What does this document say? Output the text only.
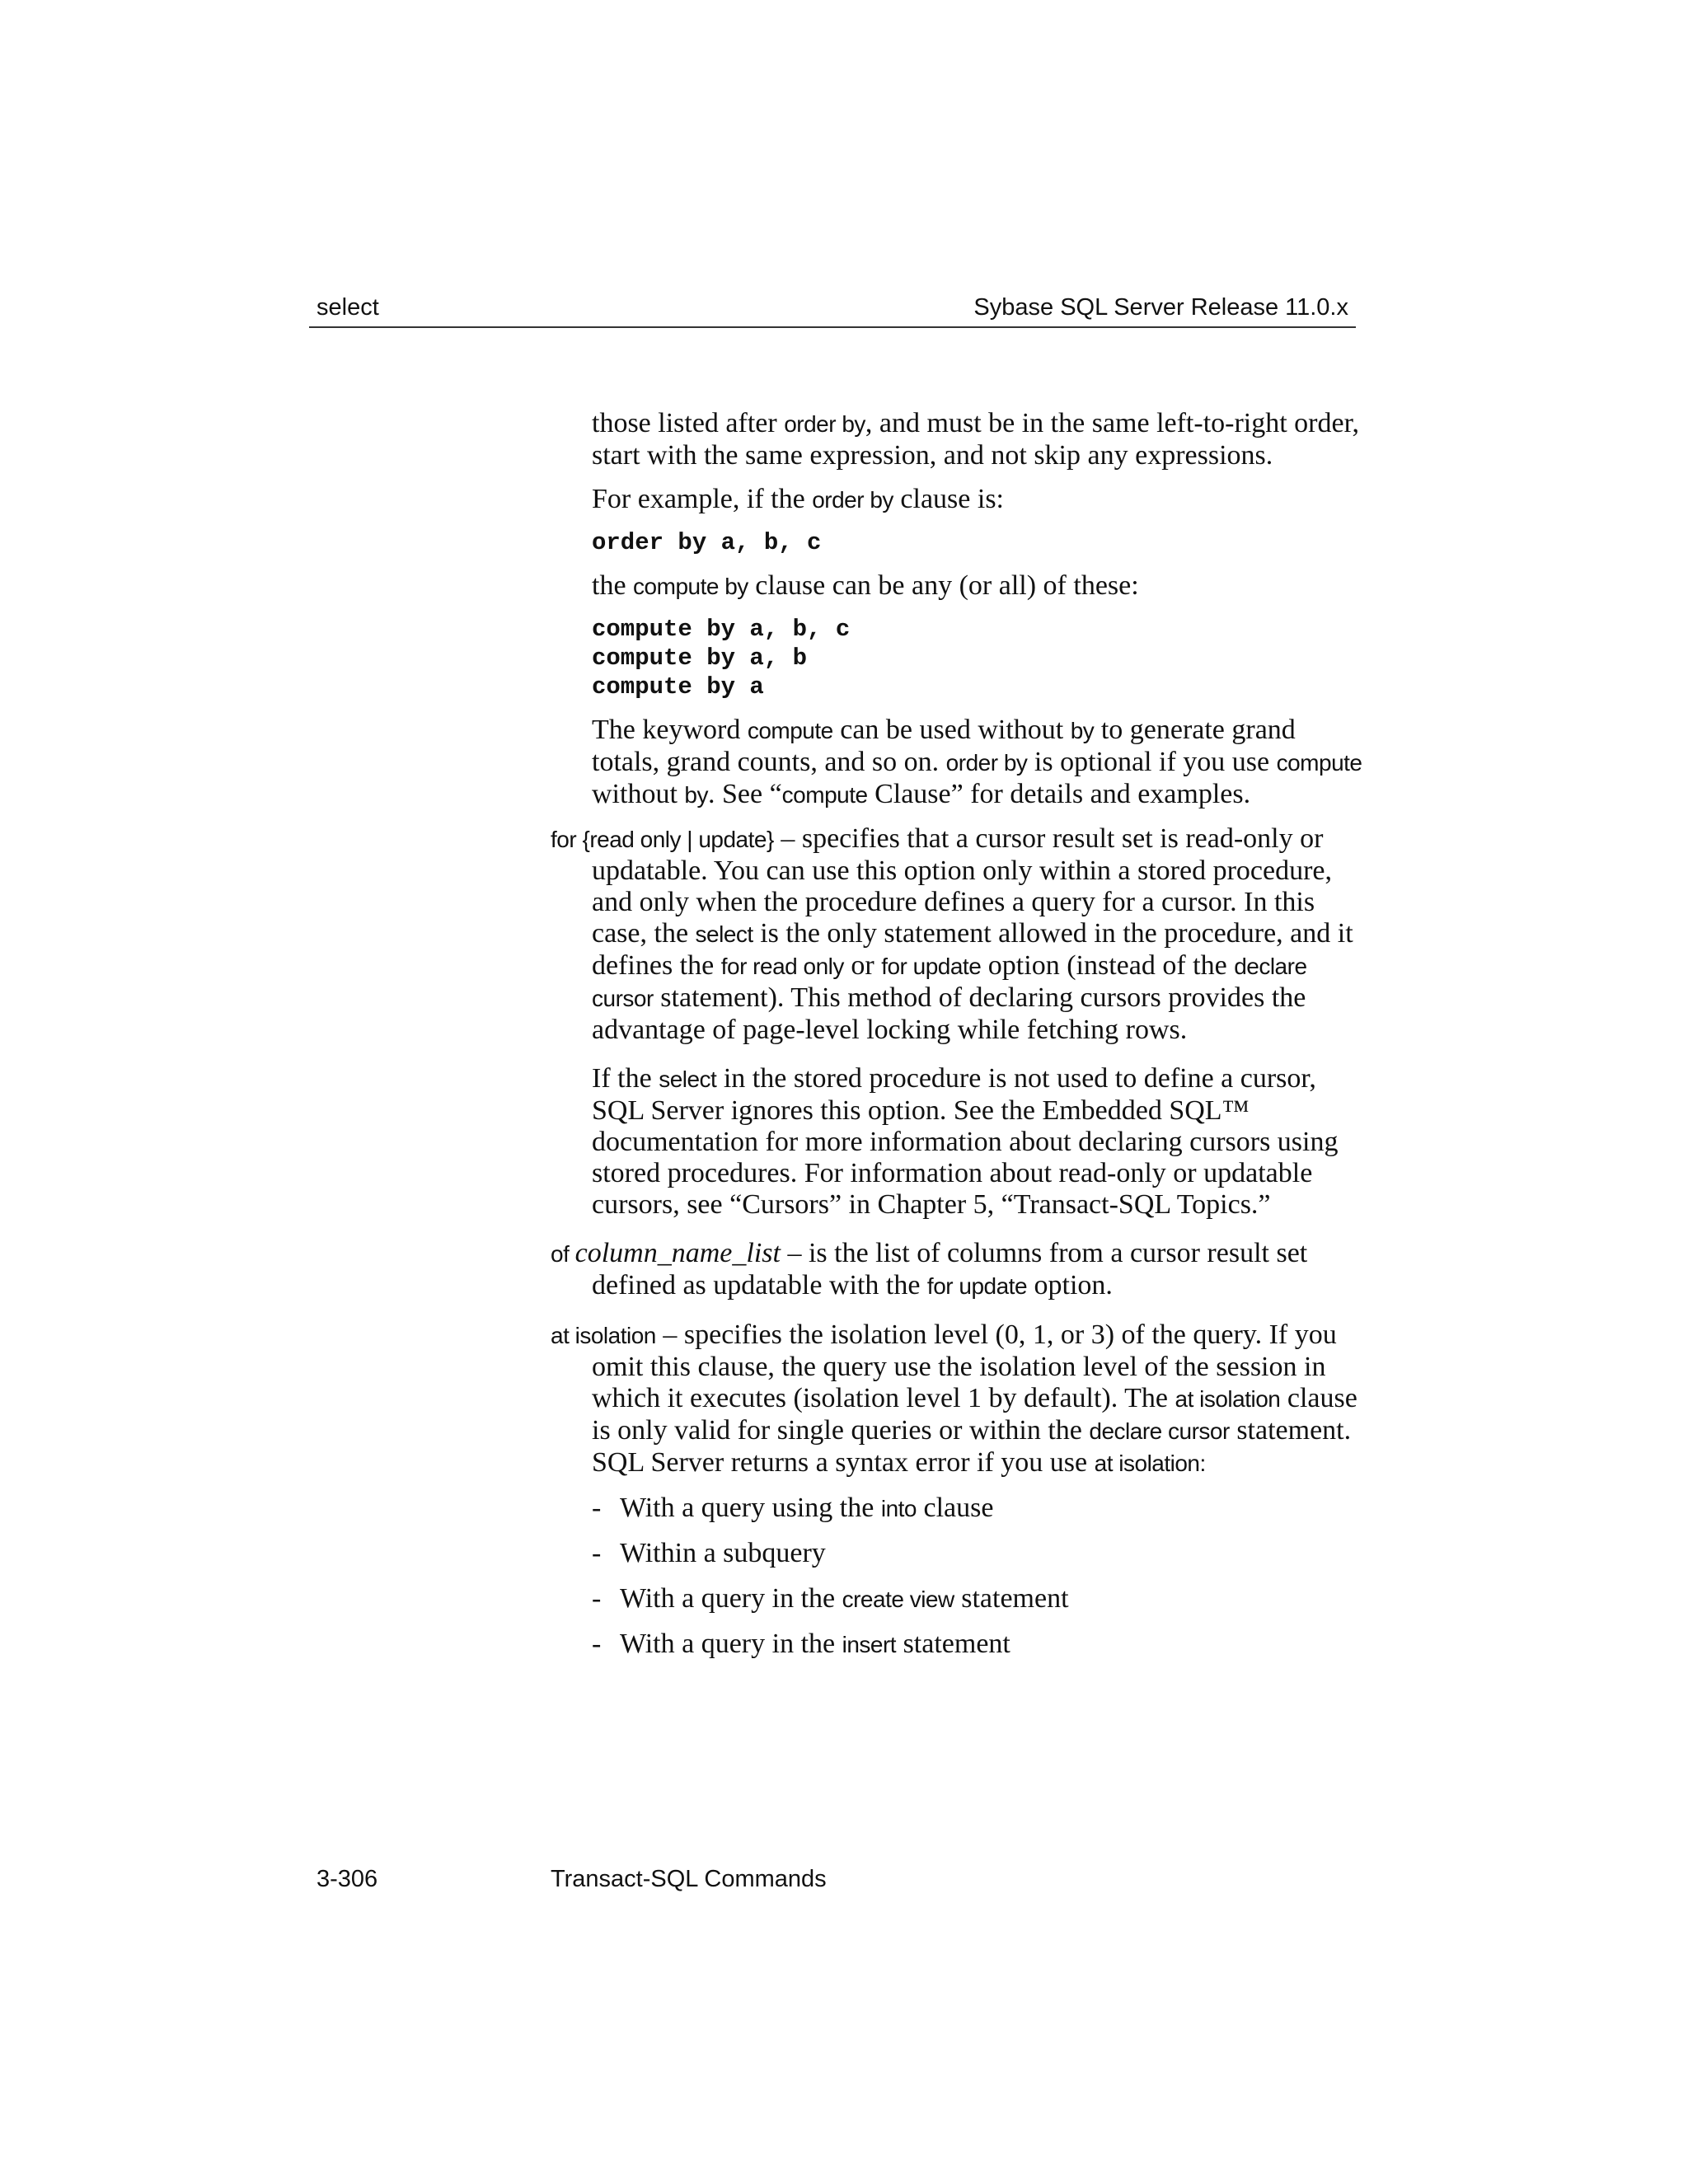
select	Sybase SQL Server Release 11.0.x

those listed after order by, and must be in the same left-to-right order, start with the same expression, and not skip any expressions.

For example, if the order by clause is:

order by a, b, c

the compute by clause can be any (or all) of these:

compute by a, b, c
compute by a, b
compute by a

The keyword compute can be used without by to generate grand totals, grand counts, and so on. order by is optional if you use compute without by. See “compute Clause” for details and examples.

for {read only | update} – specifies that a cursor result set is read-only or updatable. You can use this option only within a stored procedure, and only when the procedure defines a query for a cursor. In this case, the select is the only statement allowed in the procedure, and it defines the for read only or for update option (instead of the declare cursor statement). This method of declaring cursors provides the advantage of page-level locking while fetching rows.

If the select in the stored procedure is not used to define a cursor, SQL Server ignores this option. See the Embedded SQL™ documentation for more information about declaring cursors using stored procedures. For information about read-only or updatable cursors, see “Cursors” in Chapter 5, “Transact-SQL Topics.”

of column_name_list – is the list of columns from a cursor result set defined as updatable with the for update option.

at isolation – specifies the isolation level (0, 1, or 3) of the query. If you omit this clause, the query use the isolation level of the session in which it executes (isolation level 1 by default). The at isolation clause is only valid for single queries or within the declare cursor statement. SQL Server returns a syntax error if you use at isolation:

- With a query using the into clause
- Within a subquery
- With a query in the create view statement
- With a query in the insert statement
3-306	Transact-SQL Commands
